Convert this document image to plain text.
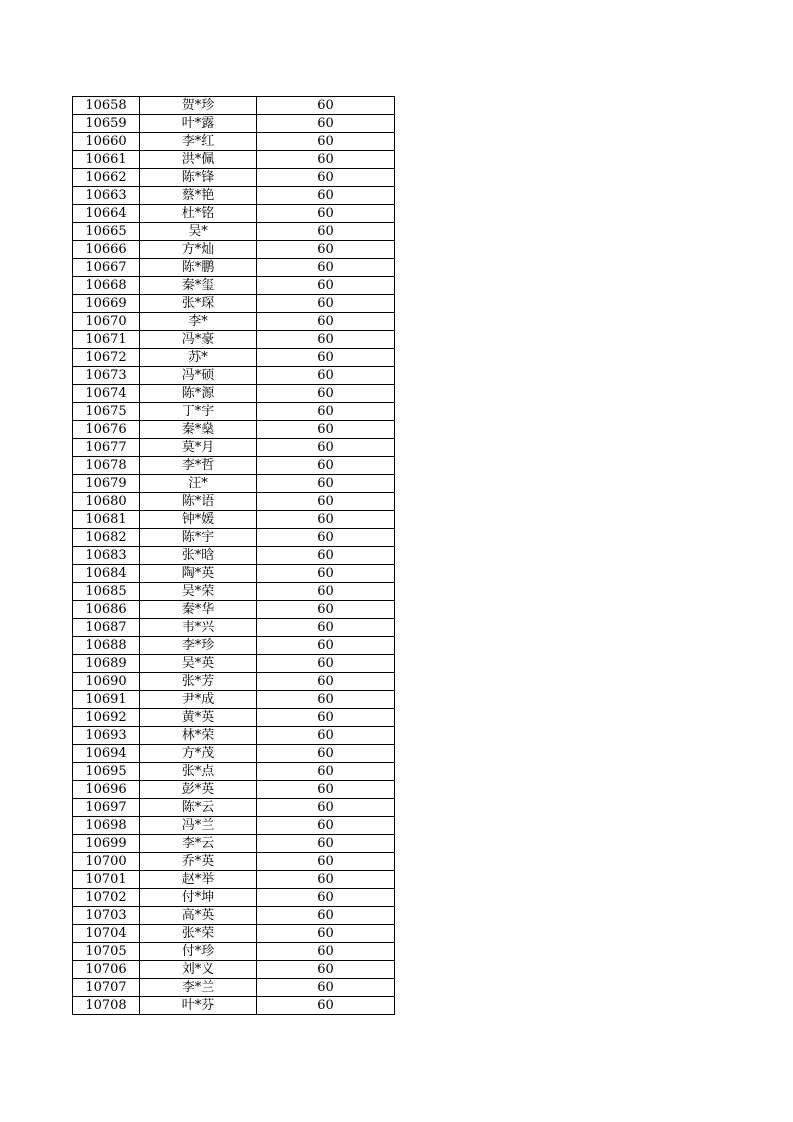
10658	贺*珍	60
10659	叶*露	60
10660	李*红	60
10661	洪*佩	60
10662	陈*锋	60
10663	蔡*艳	60
10664	杜*铭	60
10665	吴*	60
10666	方*灿	60
10667	陈*鹏	60
10668	秦*玺	60
10669	张*琛	60
10670	李*	60
10671	冯*豪	60
10672	苏*	60
10673	冯*硕	60
10674	陈*源	60
10675	丁*宇	60
10676	秦*燊	60
10677	莫*月	60
10678	李*哲	60
10679	汪*	60
10680	陈*语	60
10681	钟*媛	60
10682	陈*宇	60
10683	张*晗	60
10684	陶*英	60
10685	吴*荣	60
10686	秦*华	60
10687	韦*兴	60
10688	李*珍	60
10689	吴*英	60
10690	张*芳	60
10691	尹*成	60
10692	黄*英	60
10693	林*荣	60
10694	方*茂	60
10695	张*点	60
10696	彭*英	60
10697	陈*云	60
10698	冯*兰	60
10699	李*云	60
10700	乔*英	60
10701	赵*举	60
10702	付*坤	60
10703	高*英	60
10704	张*荣	60
10705	付*珍	60
10706	刘*义	60
10707	李*兰	60
10708	叶*芬	60
